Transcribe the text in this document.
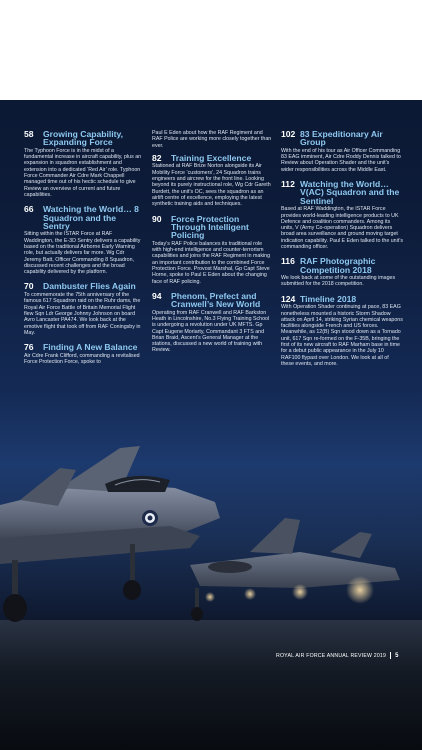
58	Growing Capability, Expanding Force

The Typhoon Force is in the midst of a fundamental increase in aircraft capability, plus an expansion in squadron establishment and extension into a dedicated ‘Red Air’ role. Typhoon Force Commander Air Cdre Mark Chappell managed time out of his hectic schedule to give Review an overview of current and future capabilities.

66	Watching the World… 8 Squadron and the Sentry

Sitting within the ISTAR Force at RAF Waddington, the E-3D Sentry delivers a capability based on the traditional Airborne Early Warning role, but actually delivers far more. Wg Cdr Jeremy Batt, Officer Commanding 8 Squadron, discussed recent challenges and the broad capability delivered by the platform.

70	Dambuster Flies Again

To commemorate the 75th anniversary of the famous 617 Squadron raid on the Ruhr dams, the Royal Air Force Battle of Britain Memorial Flight flew Sqn Ldr George Johnny Johnson on board Avro Lancaster PA474. We look back at the emotive flight that took off from RAF Coningsby in May.

76	Finding A New Balance

Air Cdre Frank Clifford, commanding a revitalised Force Protection Force, spoke to

Paul E Eden about how the RAF Regiment and RAF Police are working more closely together than ever.

82	Training Excellence

Stationed at RAF Brize Norton alongside its Air Mobility Force ‘customers’, 24 Squadron trains engineers and aircrew for the front line. Looking beyond its purely instructional role, Wg Cdr Gareth Burdett, the unit’s OC, sees the squadron as an airlift centre of excellence, employing the latest synthetic training aids and techniques.

90	Force Protection Through Intelligent Policing

Today’s RAF Police balances its traditional role with high-end intelligence and counter-terrorism capabilities and joins the RAF Regiment in making an important contribution to the combined Force Protection Force. Provost Marshal, Gp Capt Steve Horne, spoke to Paul E Eden about the changing face of RAF policing.

94	Phenom, Prefect and Cranwell’s New World

Operating from RAF Cranwell and RAF Barkston Heath in Lincolnshire, No.3 Flying Training School is undergoing a revolution under UK MFTS. Gp Capt Eugene Moriarty, Commandant 3 FTS and Brian Braid, Ascent’s General Manager at the stations, discussed a new world of training with Review.

102 83 Expeditionary Air Group

With the end of his tour as Air Officer Commanding 83 EAG imminent, Air Cdre Roddy Dennis talked to Review about Operation Shader and the unit’s wider responsibilities across the Middle East.

112 Watching the World… V(AC) Squadron and the Sentinel

Based at RAF Waddington, the ISTAR Force provides world-leading intelligence products to UK Defence and coalition commanders. Among its units, V (Army Co-operation) Squadron delivers broad area surveillance and ground moving target indication capability. Paul E Eden talked to the unit’s commanding officer.

116 RAF Photographic Competition 2018

We look back at some of the outstanding images submitted for the 2018 competition.

124 Timeline 2018

With Operation Shader continuing at pace, 83 EAG nonetheless mounted a historic Storm Shadow attack on April 14, striking Syrian chemical weapons facilities alongside French and US forces. Meanwhile, as 12(B) Sqn stood down as a Tornado unit, 617 Sqn re-formed on the F-35B, bringing the first of its new aircraft to RAF Marham base in time for a debut public appearance in the July 10 RAF100 flypast over London. We look at all of these events, and more.

ROYAL AIR FORCE ANNUAL REVIEW 2019 5
